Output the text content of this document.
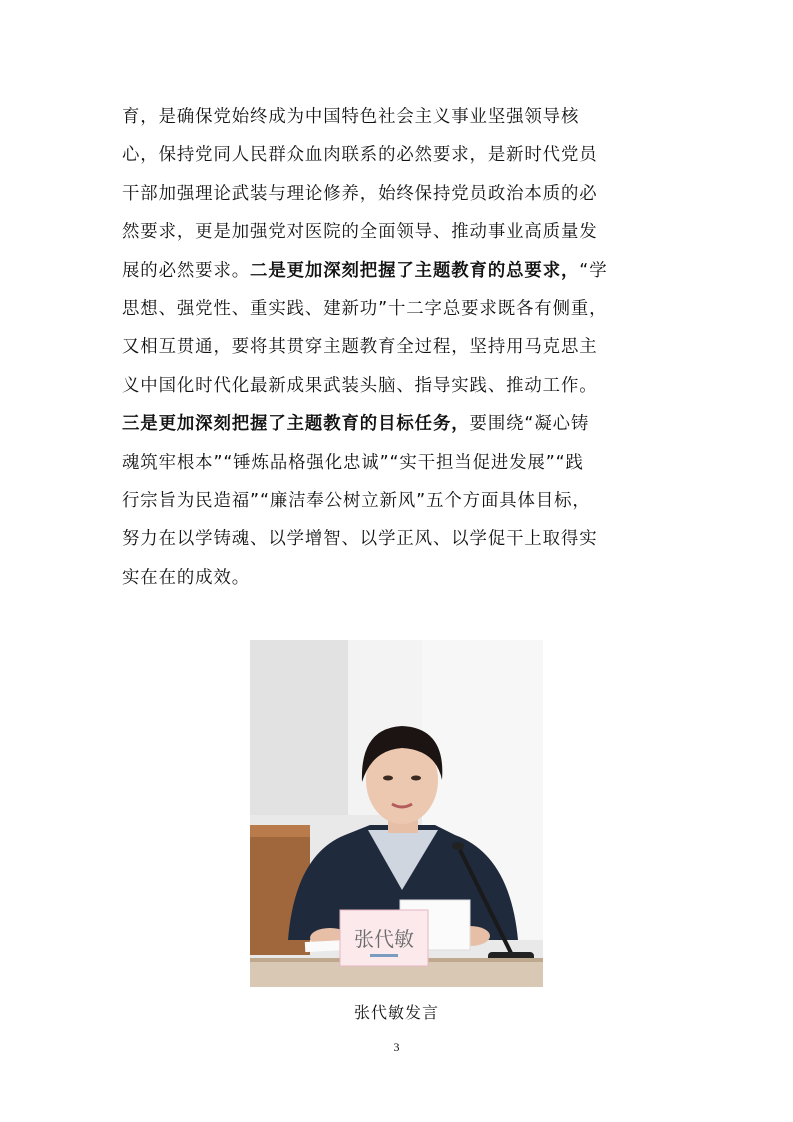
育，是确保党始终成为中国特色社会主义事业坚强领导核
心，保持党同人民群众血肉联系的必然要求，是新时代党员
干部加强理论武装与理论修养，始终保持党员政治本质的必
然要求，更是加强党对医院的全面领导、推动事业高质量发
展的必然要求。二是更加深刻把握了主题教育的总要求，“学
思想、强党性、重实践、建新功”十二字总要求既各有侧重，
又相互贯通，要将其贯穿主题教育全过程，坚持用马克思主
义中国化时代化最新成果武装头脑、指导实践、推动工作。
三是更加深刻把握了主题教育的目标任务，要围绕“凝心铸
魂筑牢根本”“锤炼品格强化忠诚”“实干担当促进发展”“践
行宗旨为民造福”“廉洁奉公树立新风”五个方面具体目标，
努力在以学铸魂、以学增智、以学正风、以学促干上取得实
实在在的成效。
张代敏
张代敏发言
3
